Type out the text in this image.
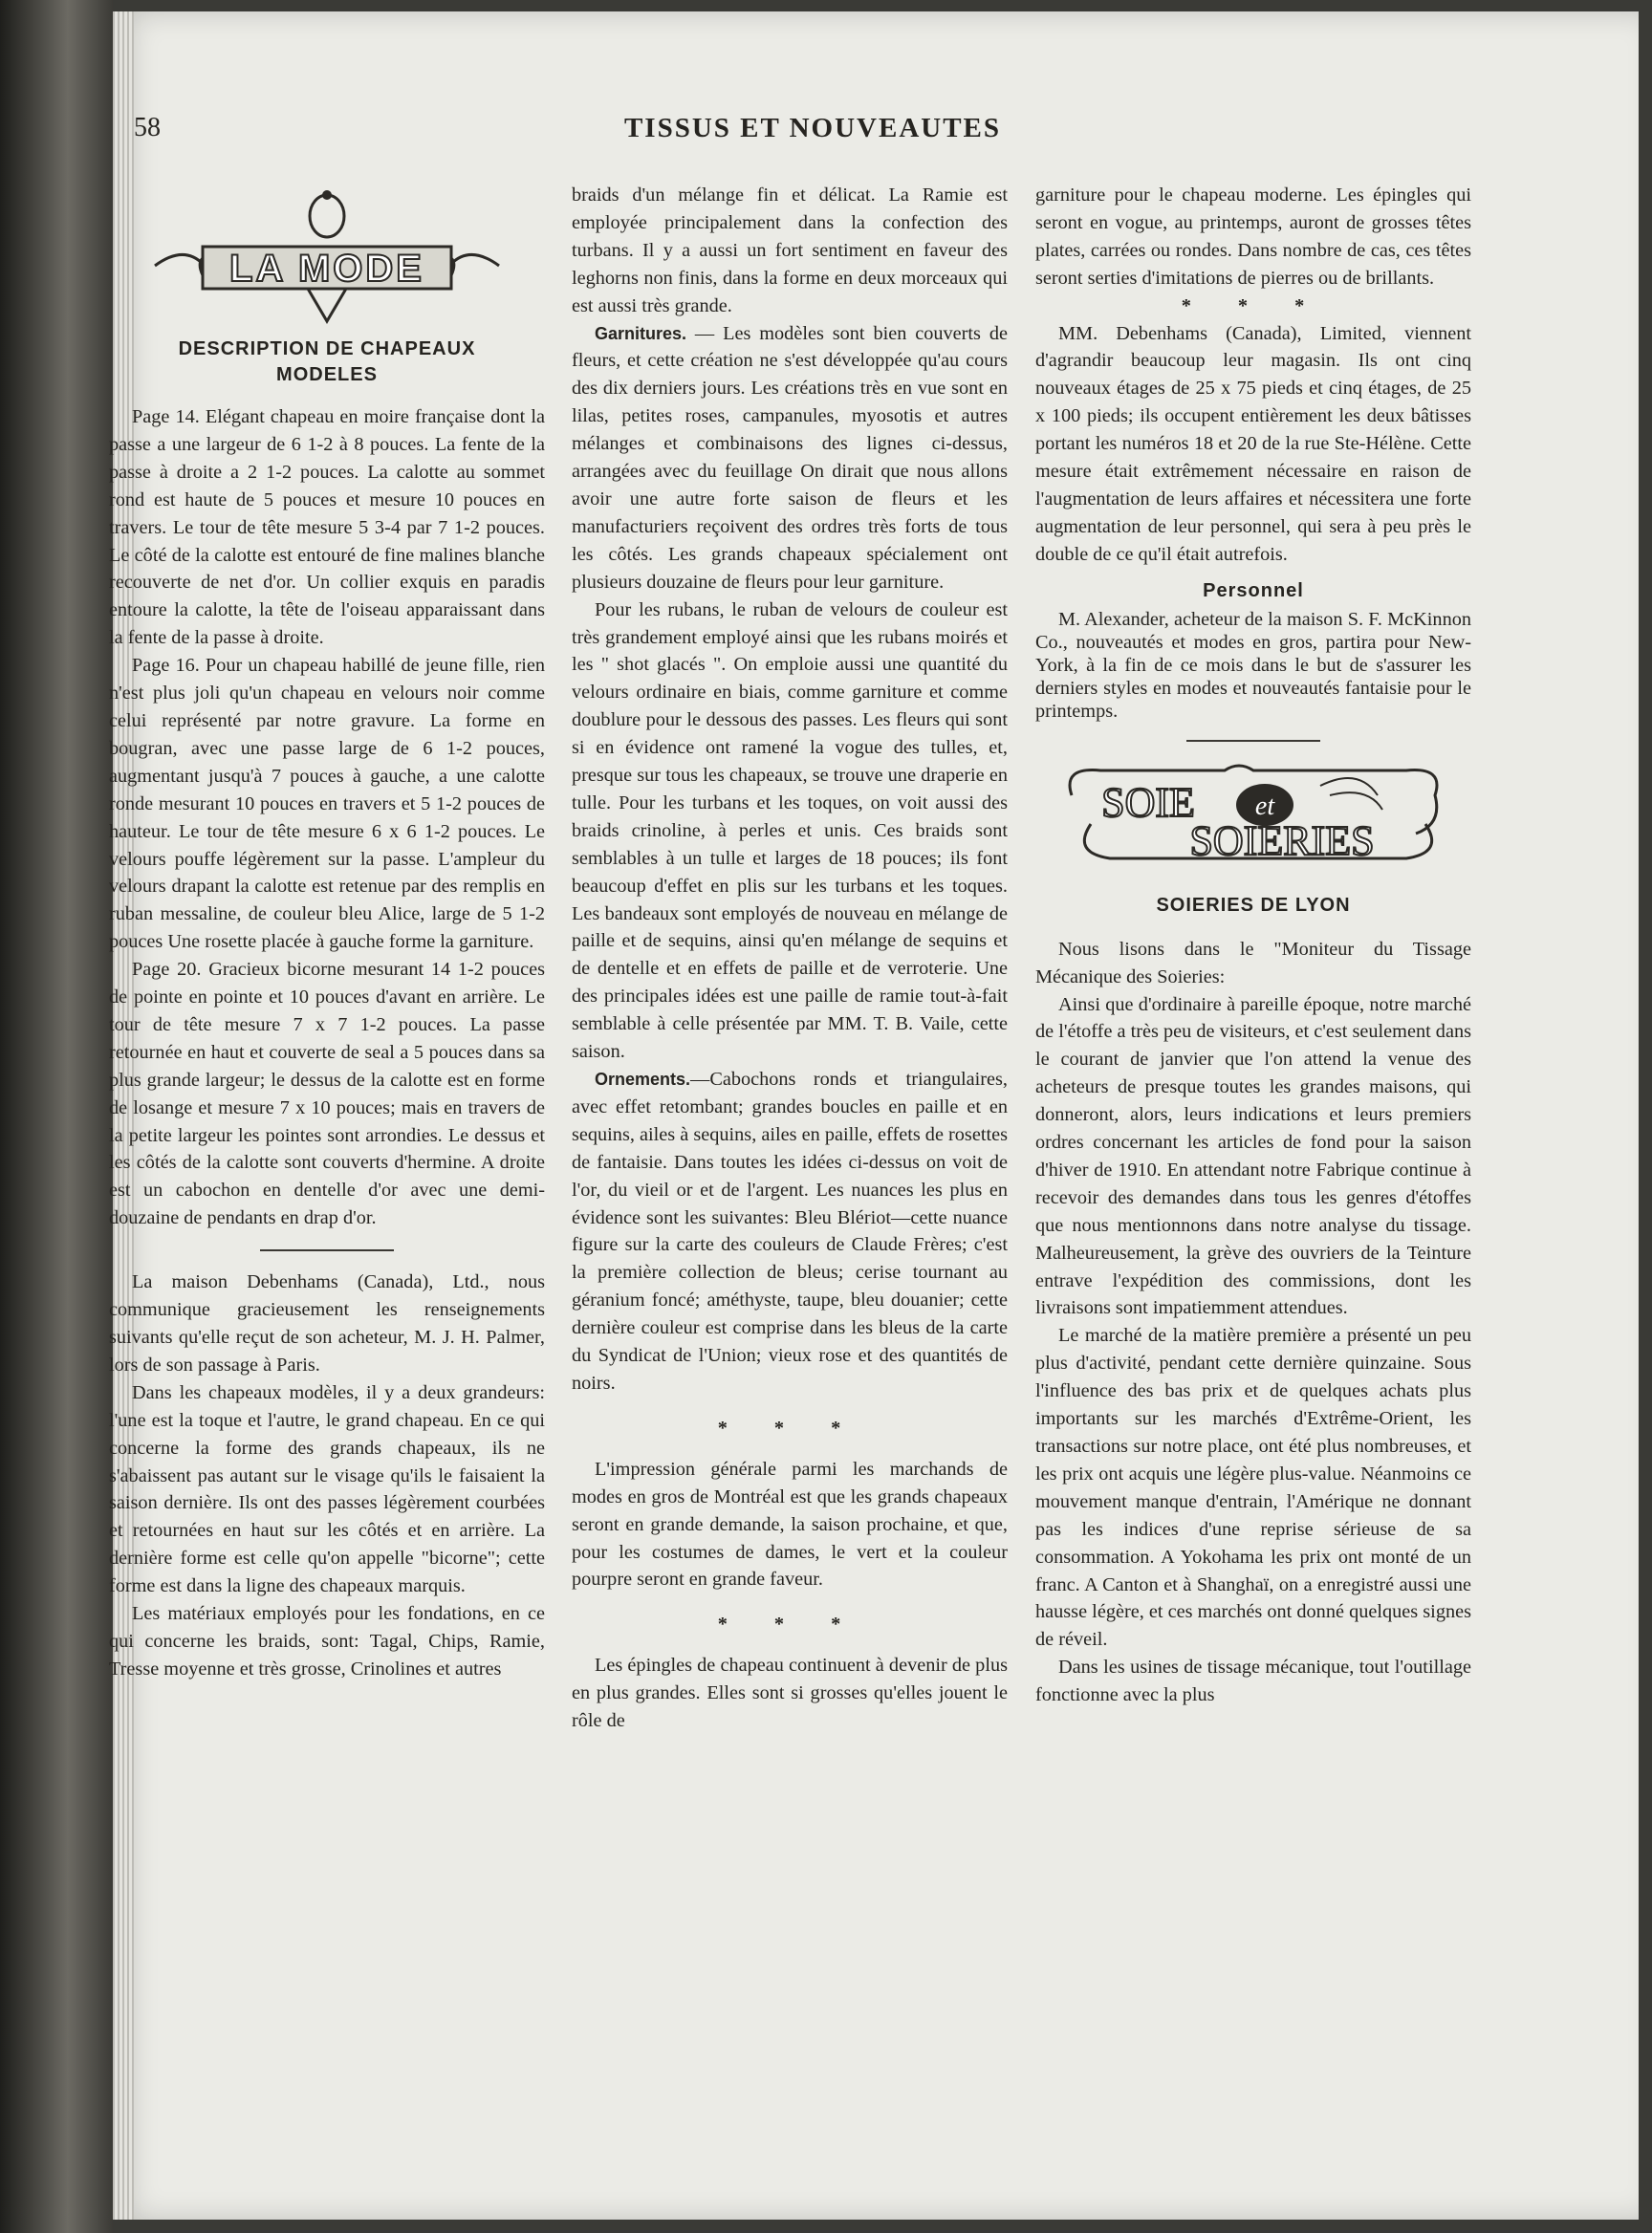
58	TISSUS ET NOUVEAUTES
LA MODE
DESCRIPTION DE CHAPEAUX
MODELES

Page 14. Elégant chapeau en moire française dont la passe a une largeur de 6 1-2 à 8 pouces. La fente de la passe à droite a 2 1-2 pouces. La calotte au sommet rond est haute de 5 pouces et mesure 10 pouces en travers. Le tour de tête mesure 5 3-4 par 7 1-2 pouces. Le côté de la calotte est entouré de fine malines blanche recouverte de net d'or. Un collier exquis en paradis entoure la calotte, la tête de l'oiseau apparaissant dans la fente de la passe à droite.

Page 16. Pour un chapeau habillé de jeune fille, rien n'est plus joli qu'un chapeau en velours noir comme celui représenté par notre gravure. La forme en bougran, avec une passe large de 6 1-2 pouces, augmentant jusqu'à 7 pouces à gauche, a une calotte ronde mesurant 10 pouces en travers et 5 1-2 pouces de hauteur. Le tour de tête mesure 6 x 6 1-2 pouces. Le velours pouffe légèrement sur la passe. L'ampleur du velours drapant la calotte est retenue par des remplis en ruban messaline, de couleur bleu Alice, large de 5 1-2 pouces Une rosette placée à gauche forme la garniture.

Page 20. Gracieux bicorne mesurant 14 1-2 pouces de pointe en pointe et 10 pouces d'avant en arrière. Le tour de tête mesure 7 x 7 1-2 pouces. La passe retournée en haut et couverte de seal a 5 pouces dans sa plus grande largeur; le dessus de la calotte est en forme de losange et mesure 7 x 10 pouces; mais en travers de la petite largeur les pointes sont arrondies. Le dessus et les côtés de la calotte sont couverts d'hermine. A droite est un cabochon en dentelle d'or avec une demi-douzaine de pendants en drap d'or.

La maison Debenhams (Canada), Ltd., nous communique gracieusement les renseignements suivants qu'elle reçut de son acheteur, M. J. H. Palmer, lors de son passage à Paris.

Dans les chapeaux modèles, il y a deux grandeurs: l'une est la toque et l'autre, le grand chapeau. En ce qui concerne la forme des grands chapeaux, ils ne s'abaissent pas autant sur le visage qu'ils le faisaient la saison dernière. Ils ont des passes légèrement courbées et retournées en haut sur les côtés et en arrière. La dernière forme est celle qu'on appelle "bicorne"; cette forme est dans la ligne des chapeaux marquis.

Les matériaux employés pour les fondations, en ce qui concerne les braids, sont: Tagal, Chips, Ramie, Tresse moyenne et très grosse, Crinolines et autres

braids d'un mélange fin et délicat. La Ramie est employée principalement dans la confection des turbans. Il y a aussi un fort sentiment en faveur des leghorns non finis, dans la forme en deux morceaux qui est aussi très grande.

Garnitures. — Les modèles sont bien couverts de fleurs, et cette création ne s'est développée qu'au cours des dix derniers jours. Les créations très en vue sont en lilas, petites roses, campanules, myosotis et autres mélanges et combinaisons des lignes ci-dessus, arrangées avec du feuillage On dirait que nous allons avoir une autre forte saison de fleurs et les manufacturiers reçoivent des ordres très forts de tous les côtés. Les grands chapeaux spécialement ont plusieurs douzaine de fleurs pour leur garniture.

Pour les rubans, le ruban de velours de couleur est très grandement employé ainsi que les rubans moirés et les " shot glacés ". On emploie aussi une quantité du velours ordinaire en biais, comme garniture et comme doublure pour le dessous des passes. Les fleurs qui sont si en évidence ont ramené la vogue des tulles, et, presque sur tous les chapeaux, se trouve une draperie en tulle. Pour les turbans et les toques, on voit aussi des braids crinoline, à perles et unis. Ces braids sont semblables à un tulle et larges de 18 pouces; ils font beaucoup d'effet en plis sur les turbans et les toques. Les bandeaux sont employés de nouveau en mélange de paille et de sequins, ainsi qu'en mélange de sequins et de dentelle et en effets de paille et de verroterie. Une des principales idées est une paille de ramie tout-à-fait semblable à celle présentée par MM. T. B. Vaile, cette saison.

Ornements.—Cabochons ronds et triangulaires, avec effet retombant; grandes boucles en paille et en sequins, ailes à sequins, ailes en paille, effets de rosettes de fantaisie. Dans toutes les idées ci-dessus on voit de l'or, du vieil or et de l'argent. Les nuances les plus en évidence sont les suivantes: Bleu Blériot—cette nuance figure sur la carte des couleurs de Claude Frères; c'est la première collection de bleus; cerise tournant au géranium foncé; améthyste, taupe, bleu douanier; cette dernière couleur est comprise dans les bleus de la carte du Syndicat de l'Union; vieux rose et des quantités de noirs.

* * *

L'impression générale parmi les marchands de modes en gros de Montréal est que les grands chapeaux seront en grande demande, la saison prochaine, et que, pour les costumes de dames, le vert et la couleur pourpre seront en grande faveur.

* * *

Les épingles de chapeau continuent à devenir de plus en plus grandes. Elles sont si grosses qu'elles jouent le rôle de

garniture pour le chapeau moderne. Les épingles qui seront en vogue, au printemps, auront de grosses têtes plates, carrées ou rondes. Dans nombre de cas, ces têtes seront serties d'imitations de pierres ou de brillants.

* * *

MM. Debenhams (Canada), Limited, viennent d'agrandir beaucoup leur magasin. Ils ont cinq nouveaux étages de 25 x 75 pieds et cinq étages, de 25 x 100 pieds; ils occupent entièrement les deux bâtisses portant les numéros 18 et 20 de la rue Ste-Hélène. Cette mesure était extrêmement nécessaire en raison de l'augmentation de leurs affaires et nécessitera une forte augmentation de leur personnel, qui sera à peu près le double de ce qu'il était autrefois.

Personnel

M. Alexander, acheteur de la maison S. F. McKinnon Co., nouveautés et modes en gros, partira pour New-York, à la fin de ce mois dans le but de s'assurer les derniers styles en modes et nouveautés fantaisie pour le printemps.

SOIE et
SOIERIES
SOIERIES DE LYON

Nous lisons dans le "Moniteur du Tissage Mécanique des Soieries:

Ainsi que d'ordinaire à pareille époque, notre marché de l'étoffe a très peu de visiteurs, et c'est seulement dans le courant de janvier que l'on attend la venue des acheteurs de presque toutes les grandes maisons, qui donneront, alors, leurs indications et leurs premiers ordres concernant les articles de fond pour la saison d'hiver de 1910. En attendant notre Fabrique continue à recevoir des demandes dans tous les genres d'étoffes que nous mentionnons dans notre analyse du tissage. Malheureusement, la grève des ouvriers de la Teinture entrave l'expédition des commissions, dont les livraisons sont impatiemment attendues.

Le marché de la matière première a présenté un peu plus d'activité, pendant cette dernière quinzaine. Sous l'influence des bas prix et de quelques achats plus importants sur les marchés d'Extrême-Orient, les transactions sur notre place, ont été plus nombreuses, et les prix ont acquis une légère plus-value. Néanmoins ce mouvement manque d'entrain, l'Amérique ne donnant pas les indices d'une reprise sérieuse de sa consommation. A Yokohama les prix ont monté de un franc. A Canton et à Shanghaï, on a enregistré aussi une hausse légère, et ces marchés ont donné quelques signes de réveil.

Dans les usines de tissage mécanique, tout l'outillage fonctionne avec la plus
